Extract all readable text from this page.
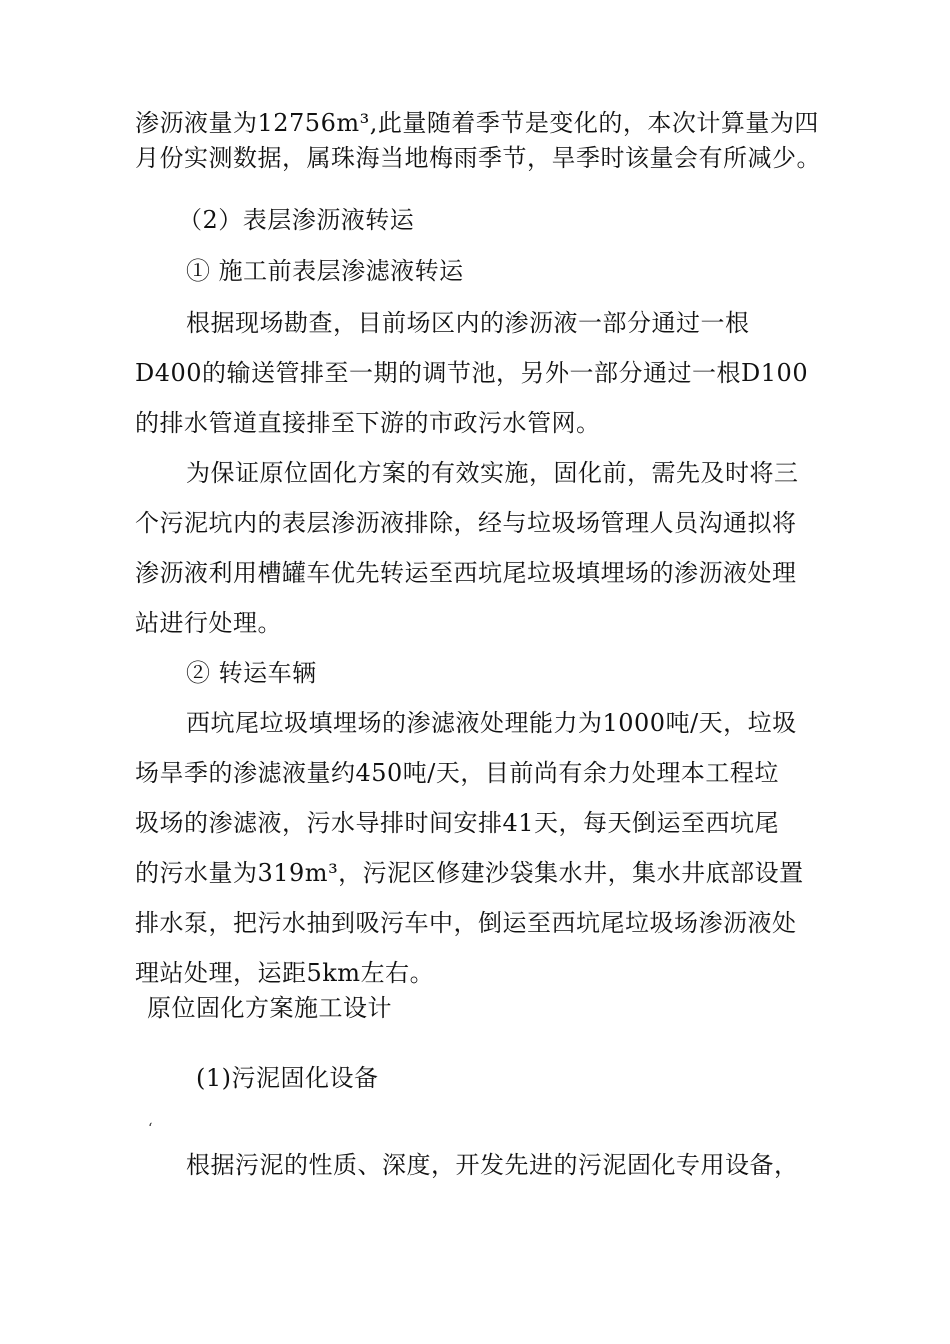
渗沥液量为12756m³,此量随着季节是变化的，本次计算量为四
月份实测数据，属珠海当地梅雨季节，旱季时该量会有所减少。
（2）表层渗沥液转运
① 施工前表层渗滤液转运
根据现场勘查，目前场区内的渗沥液一部分通过一根
D400的输送管排至一期的调节池，另外一部分通过一根D100
的排水管道直接排至下游的市政污水管网。
为保证原位固化方案的有效实施，固化前，需先及时将三
个污泥坑内的表层渗沥液排除，经与垃圾场管理人员沟通拟将
渗沥液利用槽罐车优先转运至西坑尾垃圾填埋场的渗沥液处理
站进行处理。
② 转运车辆
西坑尾垃圾填埋场的渗滤液处理能力为1000吨/天，垃圾
场旱季的渗滤液量约450吨/天，目前尚有余力处理本工程垃
圾场的渗滤液，污水导排时间安排41天，每天倒运至西坑尾
的污水量为319m³，污泥区修建沙袋集水井，集水井底部设置
排水泵，把污水抽到吸污车中，倒运至西坑尾垃圾场渗沥液处
理站处理，运距5km左右。
原位固化方案施工设计
(1)污泥固化设备
ʻ
根据污泥的性质、深度，开发先进的污泥固化专用设备，
